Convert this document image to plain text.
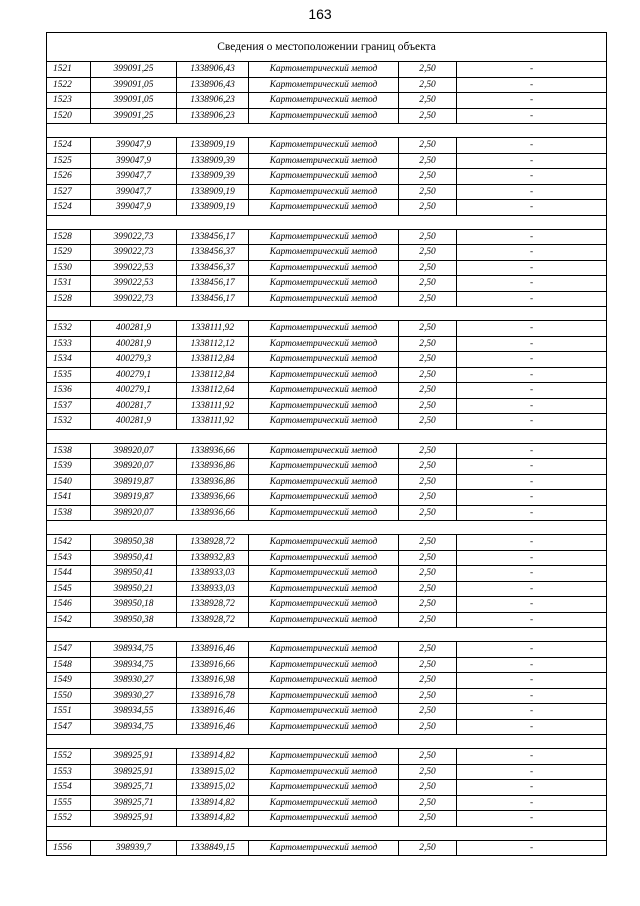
163
Сведения о местоположении границ объекта					
1521	399091,25	1338906,43	Картометрический метод	2,50	-
1522	399091,05	1338906,43	Картометрический метод	2,50	-
1523	399091,05	1338906,23	Картометрический метод	2,50	-
1520	399091,25	1338906,23	Картометрический метод	2,50	-

1524	399047,9	1338909,19	Картометрический метод	2,50	-
1525	399047,9	1338909,39	Картометрический метод	2,50	-
1526	399047,7	1338909,39	Картометрический метод	2,50	-
1527	399047,7	1338909,19	Картометрический метод	2,50	-
1524	399047,9	1338909,19	Картометрический метод	2,50	-

1528	399022,73	1338456,17	Картометрический метод	2,50	-
1529	399022,73	1338456,37	Картометрический метод	2,50	-
1530	399022,53	1338456,37	Картометрический метод	2,50	-
1531	399022,53	1338456,17	Картометрический метод	2,50	-
1528	399022,73	1338456,17	Картометрический метод	2,50	-

1532	400281,9	1338111,92	Картометрический метод	2,50	-
1533	400281,9	1338112,12	Картометрический метод	2,50	-
1534	400279,3	1338112,84	Картометрический метод	2,50	-
1535	400279,1	1338112,84	Картометрический метод	2,50	-
1536	400279,1	1338112,64	Картометрический метод	2,50	-
1537	400281,7	1338111,92	Картометрический метод	2,50	-
1532	400281,9	1338111,92	Картометрический метод	2,50	-

1538	398920,07	1338936,66	Картометрический метод	2,50	-
1539	398920,07	1338936,86	Картометрический метод	2,50	-
1540	398919,87	1338936,86	Картометрический метод	2,50	-
1541	398919,87	1338936,66	Картометрический метод	2,50	-
1538	398920,07	1338936,66	Картометрический метод	2,50	-

1542	398950,38	1338928,72	Картометрический метод	2,50	-
1543	398950,41	1338932,83	Картометрический метод	2,50	-
1544	398950,41	1338933,03	Картометрический метод	2,50	-
1545	398950,21	1338933,03	Картометрический метод	2,50	-
1546	398950,18	1338928,72	Картометрический метод	2,50	-
1542	398950,38	1338928,72	Картометрический метод	2,50	-

1547	398934,75	1338916,46	Картометрический метод	2,50	-
1548	398934,75	1338916,66	Картометрический метод	2,50	-
1549	398930,27	1338916,98	Картометрический метод	2,50	-
1550	398930,27	1338916,78	Картометрический метод	2,50	-
1551	398934,55	1338916,46	Картометрический метод	2,50	-
1547	398934,75	1338916,46	Картометрический метод	2,50	-

1552	398925,91	1338914,82	Картометрический метод	2,50	-
1553	398925,91	1338915,02	Картометрический метод	2,50	-
1554	398925,71	1338915,02	Картометрический метод	2,50	-
1555	398925,71	1338914,82	Картометрический метод	2,50	-
1552	398925,91	1338914,82	Картометрический метод	2,50	-

1556	398939,7	1338849,15	Картометрический метод	2,50	-
